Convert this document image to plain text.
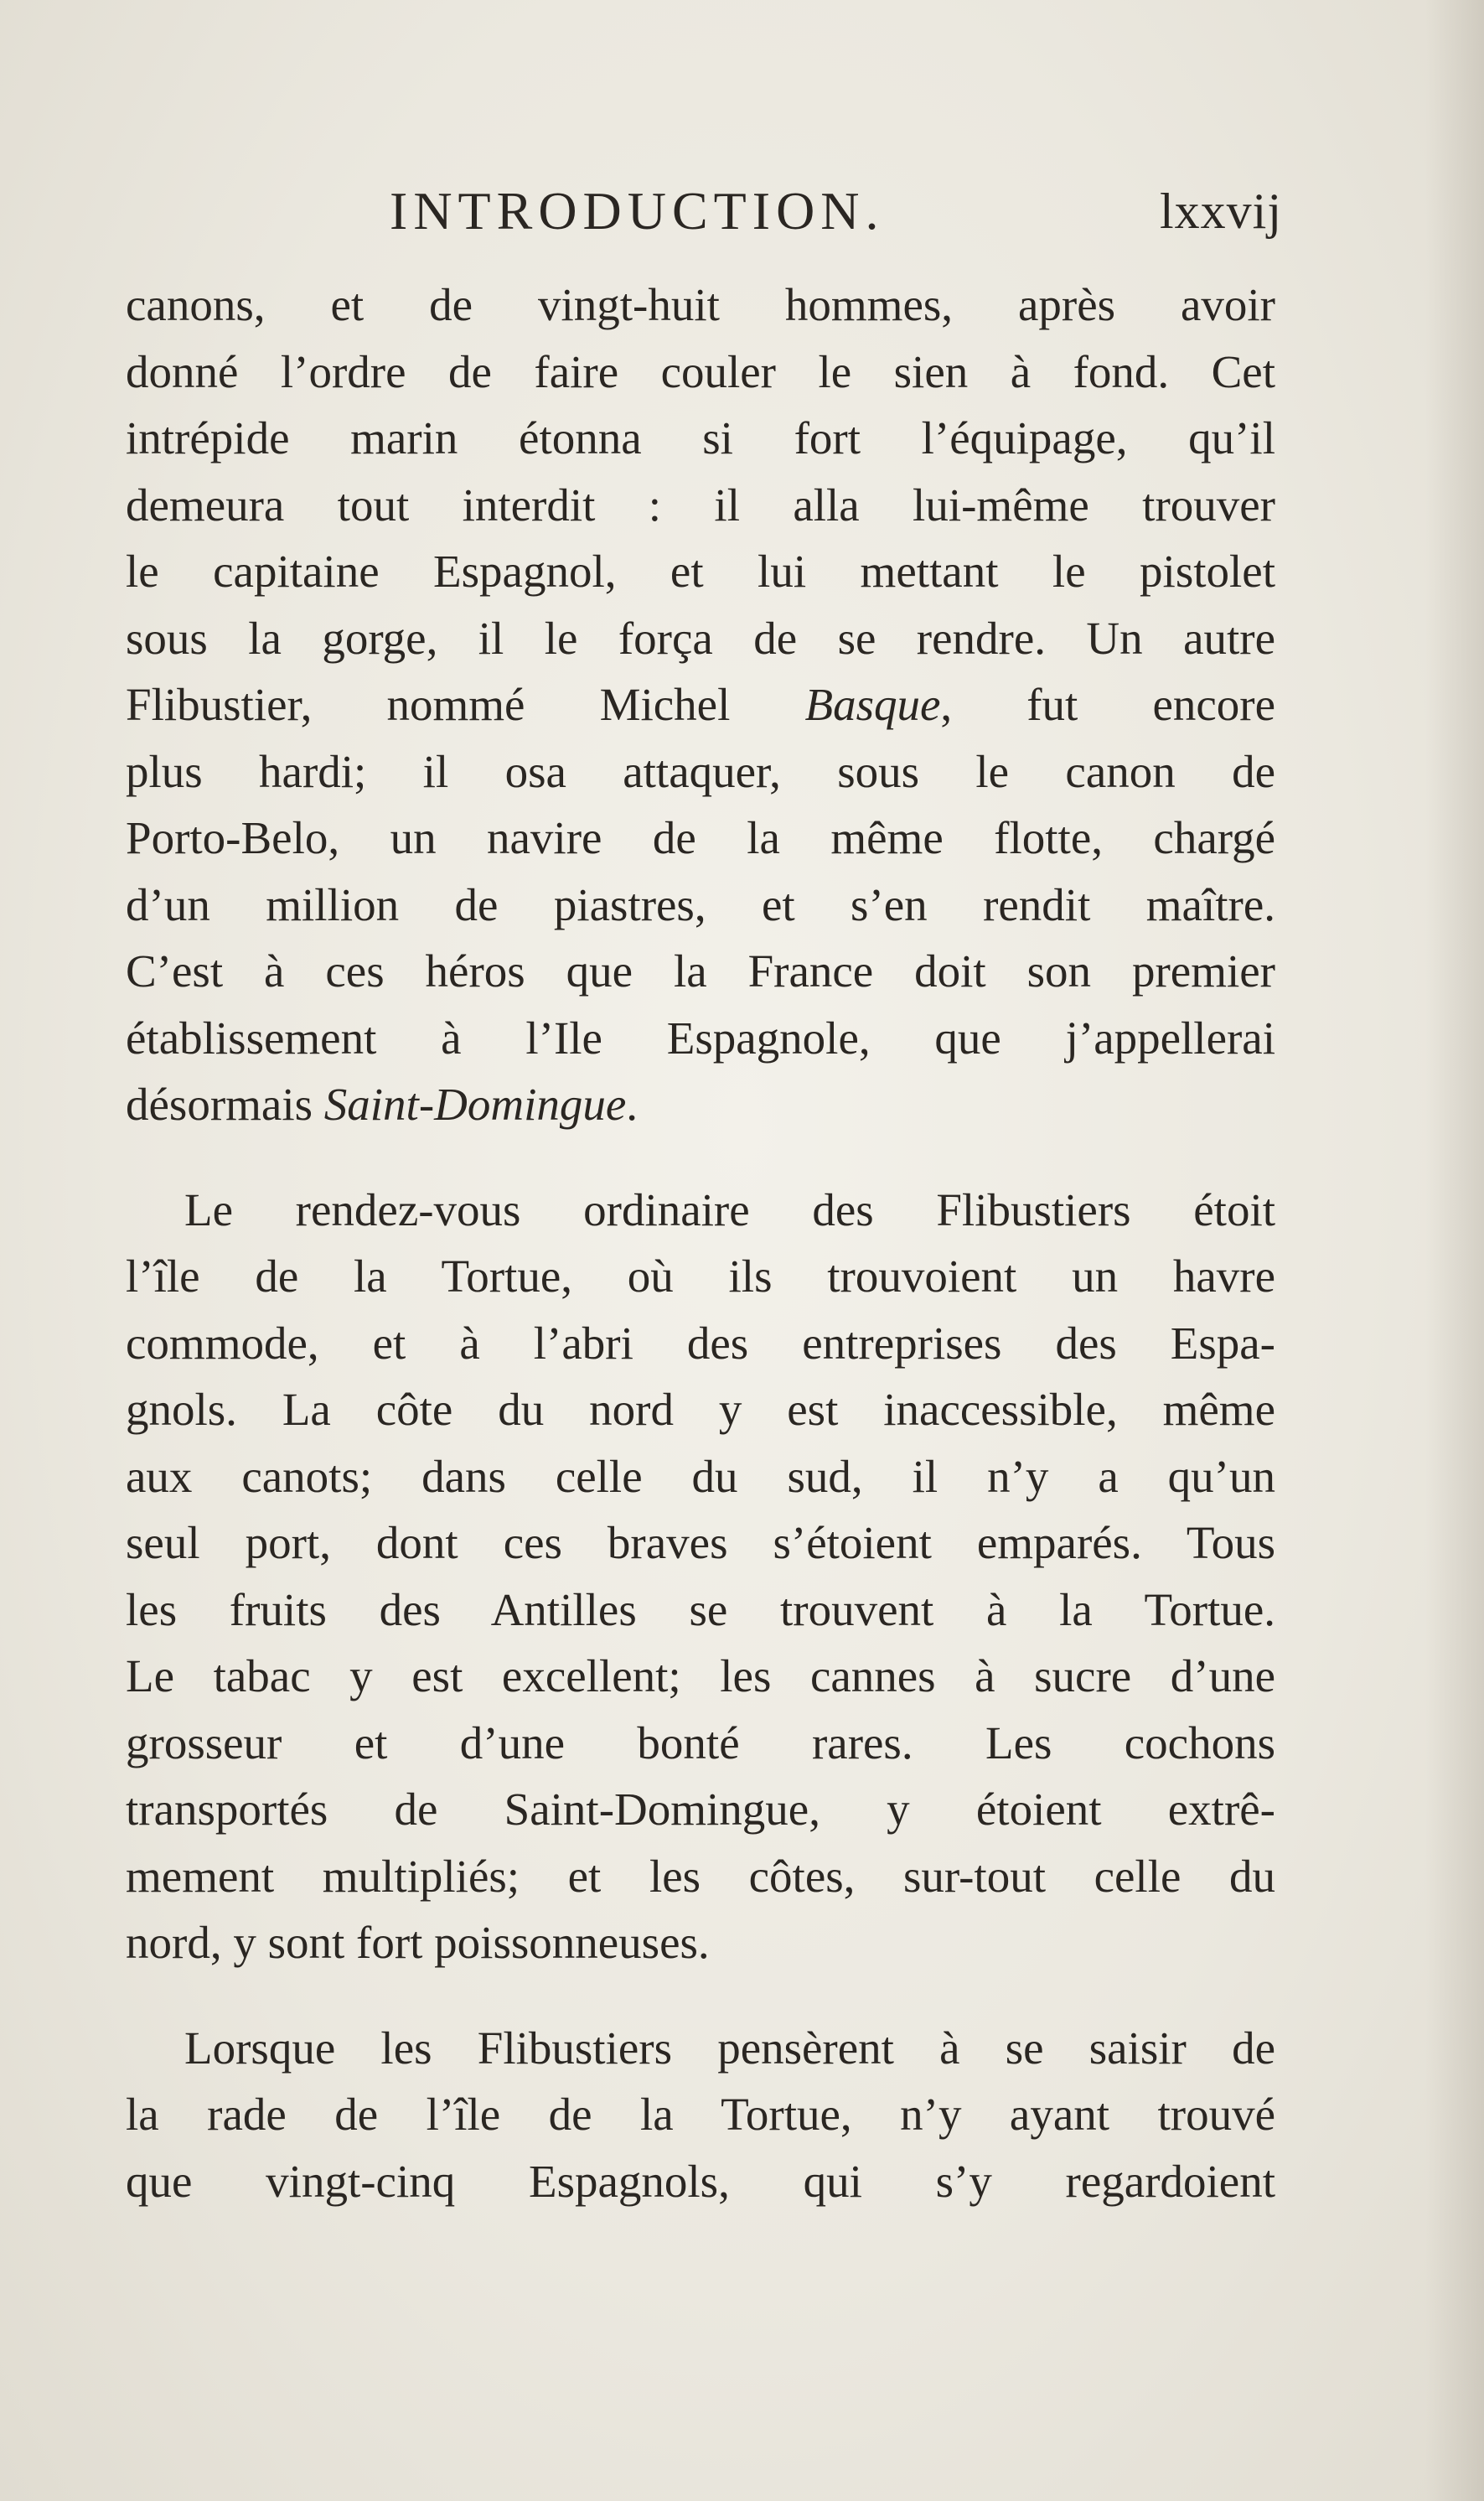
INTRODUCTION.	lxxvij
canons, et de vingt-huit hommes, après avoir
donné l’ordre de faire couler le sien à fond. Cet
intrépide marin étonna si fort l’équipage, qu’il
demeura tout interdit : il alla lui-même trouver
le capitaine Espagnol, et lui mettant le pistolet
sous la gorge, il le força de se rendre. Un autre
Flibustier, nommé Michel Basque, fut encore
plus hardi; il osa attaquer, sous le canon de
Porto-Belo, un navire de la même flotte, chargé
d’un million de piastres, et s’en rendit maître.
C’est à ces héros que la France doit son premier
établissement à l’Ile Espagnole, que j’appellerai
désormais Saint-Domingue.
Le rendez-vous ordinaire des Flibustiers étoit
l’île de la Tortue, où ils trouvoient un havre
commode, et à l’abri des entreprises des Espa-
gnols. La côte du nord y est inaccessible, même
aux canots; dans celle du sud, il n’y a qu’un
seul port, dont ces braves s’étoient emparés. Tous
les fruits des Antilles se trouvent à la Tortue.
Le tabac y est excellent; les cannes à sucre d’une
grosseur et d’une bonté rares. Les cochons
transportés de Saint-Domingue, y étoient extrê-
mement multipliés; et les côtes, sur-tout celle du
nord, y sont fort poissonneuses.
Lorsque les Flibustiers pensèrent à se saisir de
la rade de l’île de la Tortue, n’y ayant trouvé
que vingt-cinq Espagnols, qui s’y regardoient
